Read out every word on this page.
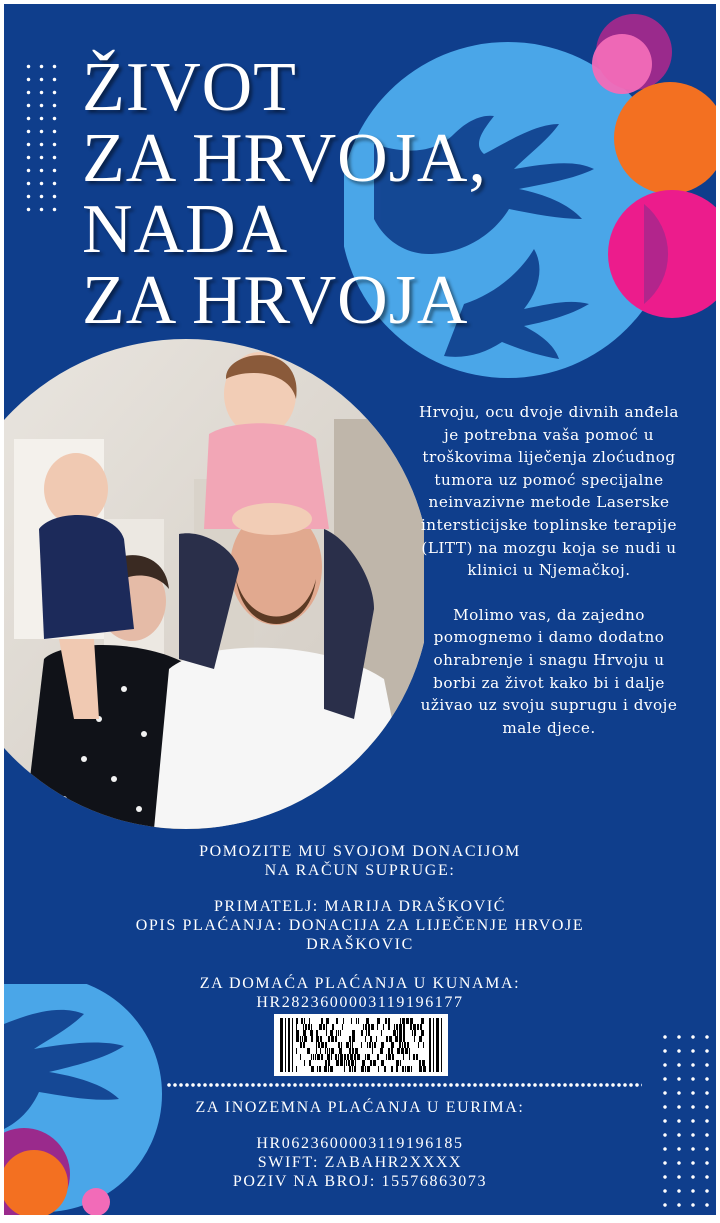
ŽIVOT
ZA HRVOJA,
NADA
ZA HRVOJA

Hrvoju, ocu dvoje divnih anđela je potrebna vaša pomoć u troškovima liječenja zloćudnog tumora uz pomoć specijalne neinvazivne metode Laserske intersticijske toplinske terapije (LITT) na mozgu koja se nudi u klinici u Njemačkoj.

Molimo vas, da zajedno pomognemo i damo dodatno ohrabrenje i snagu Hrvoju u borbi za život kako bi i dalje uživao uz svoju suprugu i dvoje male djece.

POMOZITE MU SVOJOM DONACIJOM
NA RAČUN SUPRUGE:
PRIMATELJ: MARIJA DRAŠKOVIĆ
OPIS PLAĆANJA: DONACIJA ZA LIJEČENJE HRVOJE
DRAŠKOVIC
ZA DOMAĆA PLAĆANJA U KUNAMA:
HR2823600003119196177
ZA INOZEMNA PLAĆANJA U EURIMA:
HR0623600003119196185
SWIFT: ZABAHR2XXXX
POZIV NA BROJ: 15576863073
